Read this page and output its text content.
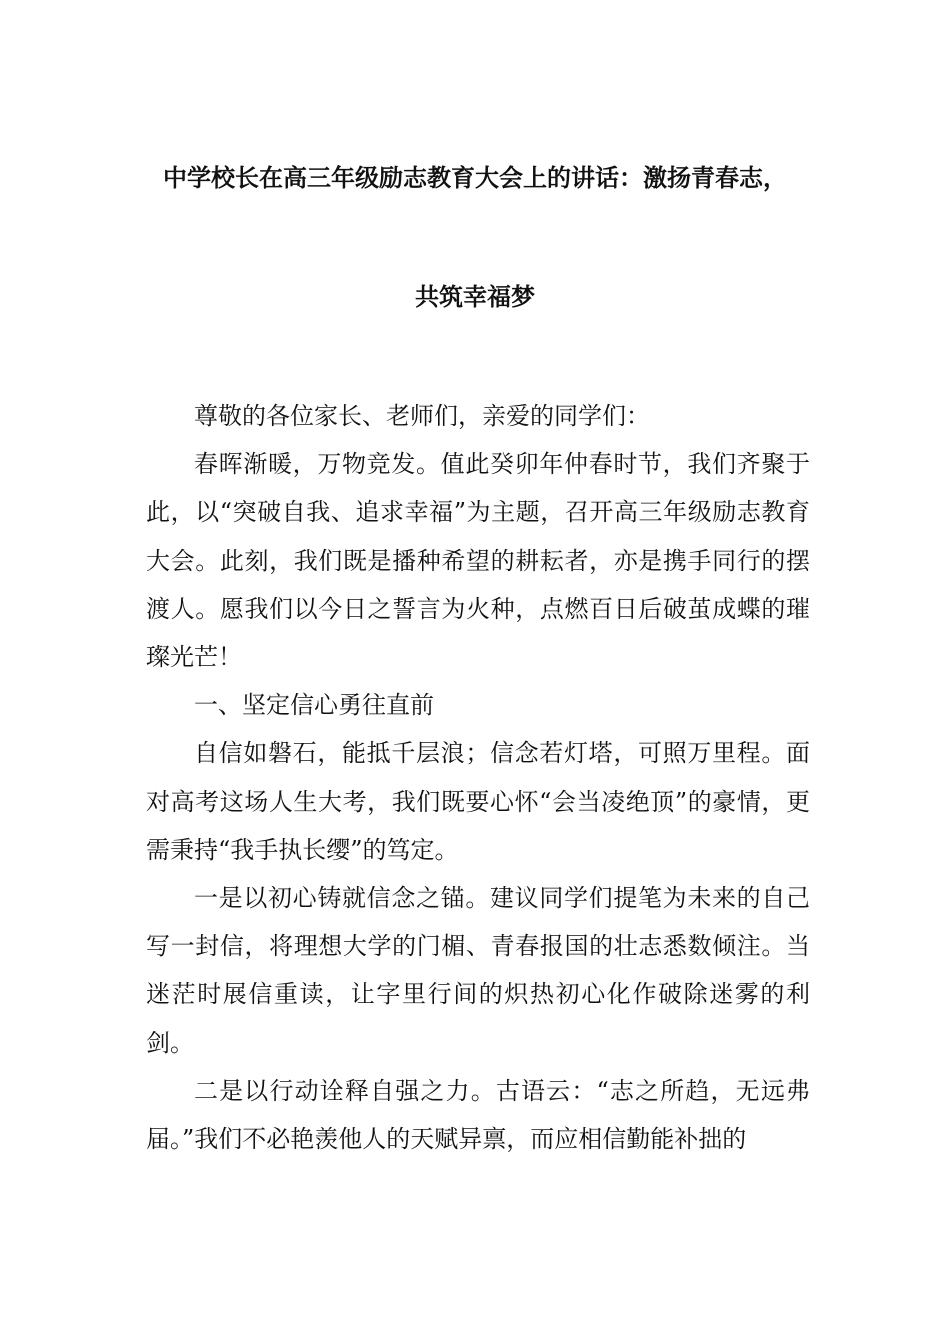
中学校长在高三年级励志教育大会上的讲话：激扬青春志，
共筑幸福梦

尊敬的各位家长、老师们，亲爱的同学们：

春晖渐暖，万物竞发。值此癸卯年仲春时节，我们齐聚于此，以“突破自我、追求幸福”为主题，召开高三年级励志教育大会。此刻，我们既是播种希望的耕耘者，亦是携手同行的摆渡人。愿我们以今日之誓言为火种，点燃百日后破茧成蝶的璀璨光芒！

一、坚定信心勇往直前

自信如磐石，能抵千层浪；信念若灯塔，可照万里程。面对高考这场人生大考，我们既要心怀“会当凌绝顶”的豪情，更需秉持“我手执长缨”的笃定。

一是以初心铸就信念之锚。建议同学们提笔为未来的自己写一封信，将理想大学的门楣、青春报国的壮志悉数倾注。当迷茫时展信重读，让字里行间的炽热初心化作破除迷雾的利剑。

二是以行动诠释自强之力。古语云：“志之所趋，无远弗届。”我们不必艳羡他人的天赋异禀，而应相信勤能补拙的
